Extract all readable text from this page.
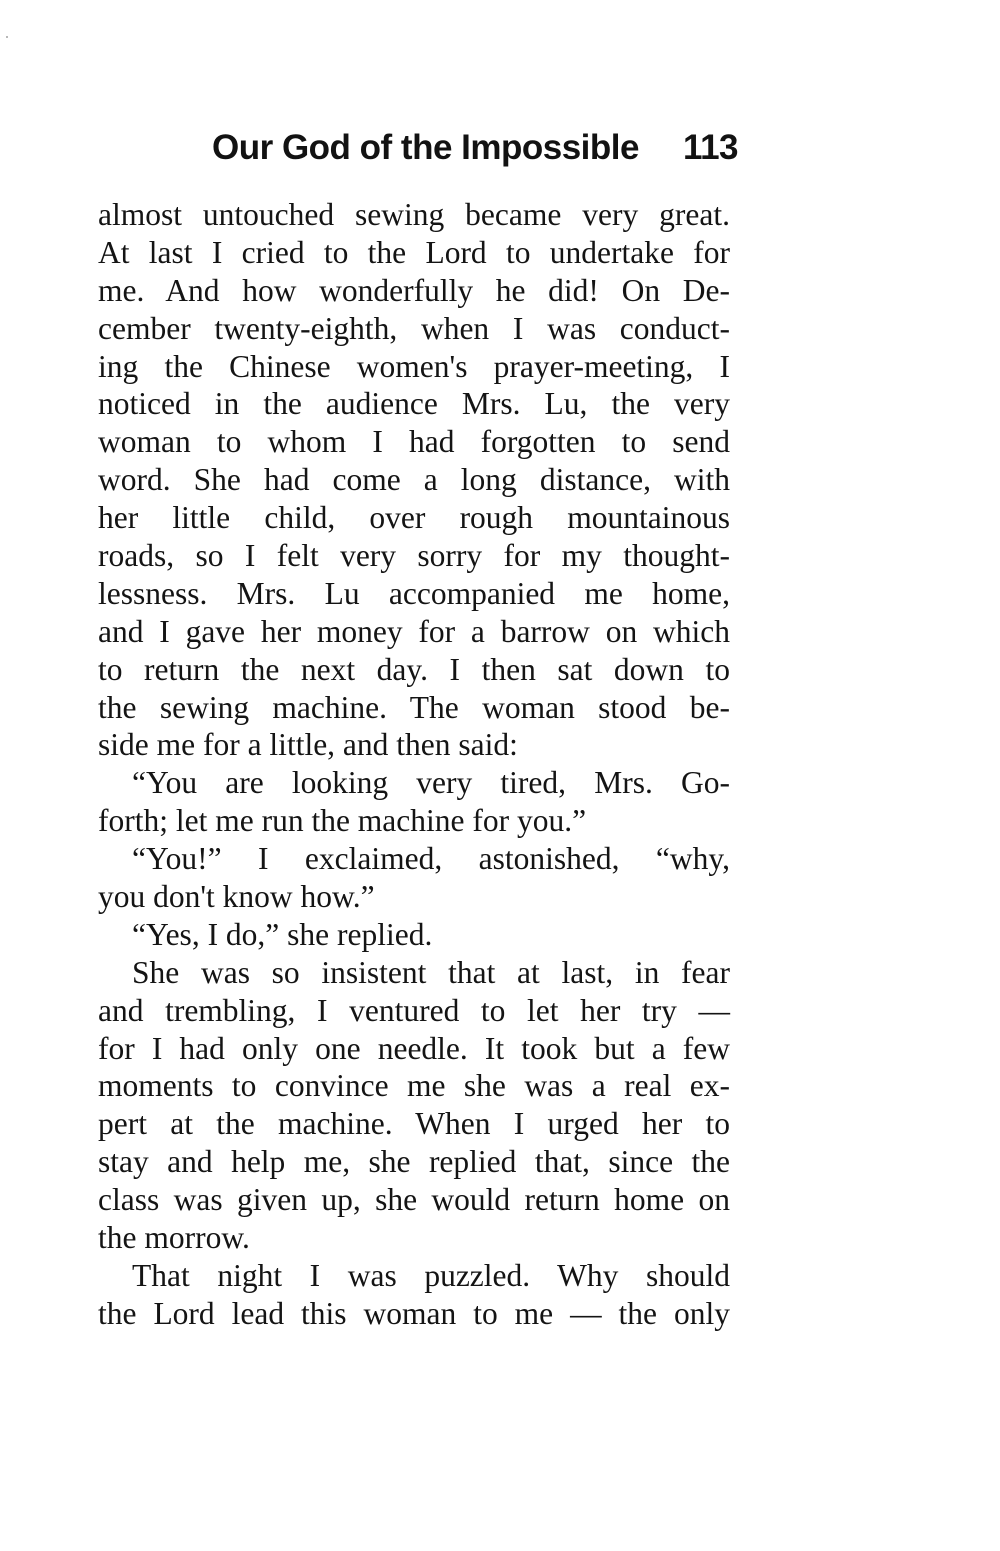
Our God of the Impossible 113
almost untouched sewing became very great.
At last I cried to the Lord to undertake for
me. And how wonderfully he did! On De-
cember twenty-eighth, when I was conduct-
ing the Chinese women's prayer-meeting, I
noticed in the audience Mrs. Lu, the very
woman to whom I had forgotten to send
word. She had come a long distance, with
her little child, over rough mountainous
roads, so I felt very sorry for my thought-
lessness. Mrs. Lu accompanied me home,
and I gave her money for a barrow on which
to return the next day. I then sat down to
the sewing machine. The woman stood be-
side me for a little, and then said:
“You are looking very tired, Mrs. Go-
forth; let me run the machine for you.”
“You!” I exclaimed, astonished, “why,
you don't know how.”
“Yes, I do,” she replied.
She was so insistent that at last, in fear
and trembling, I ventured to let her try —
for I had only one needle. It took but a few
moments to convince me she was a real ex-
pert at the machine. When I urged her to
stay and help me, she replied that, since the
class was given up, she would return home on
the morrow.
That night I was puzzled. Why should
the Lord lead this woman to me — the only
